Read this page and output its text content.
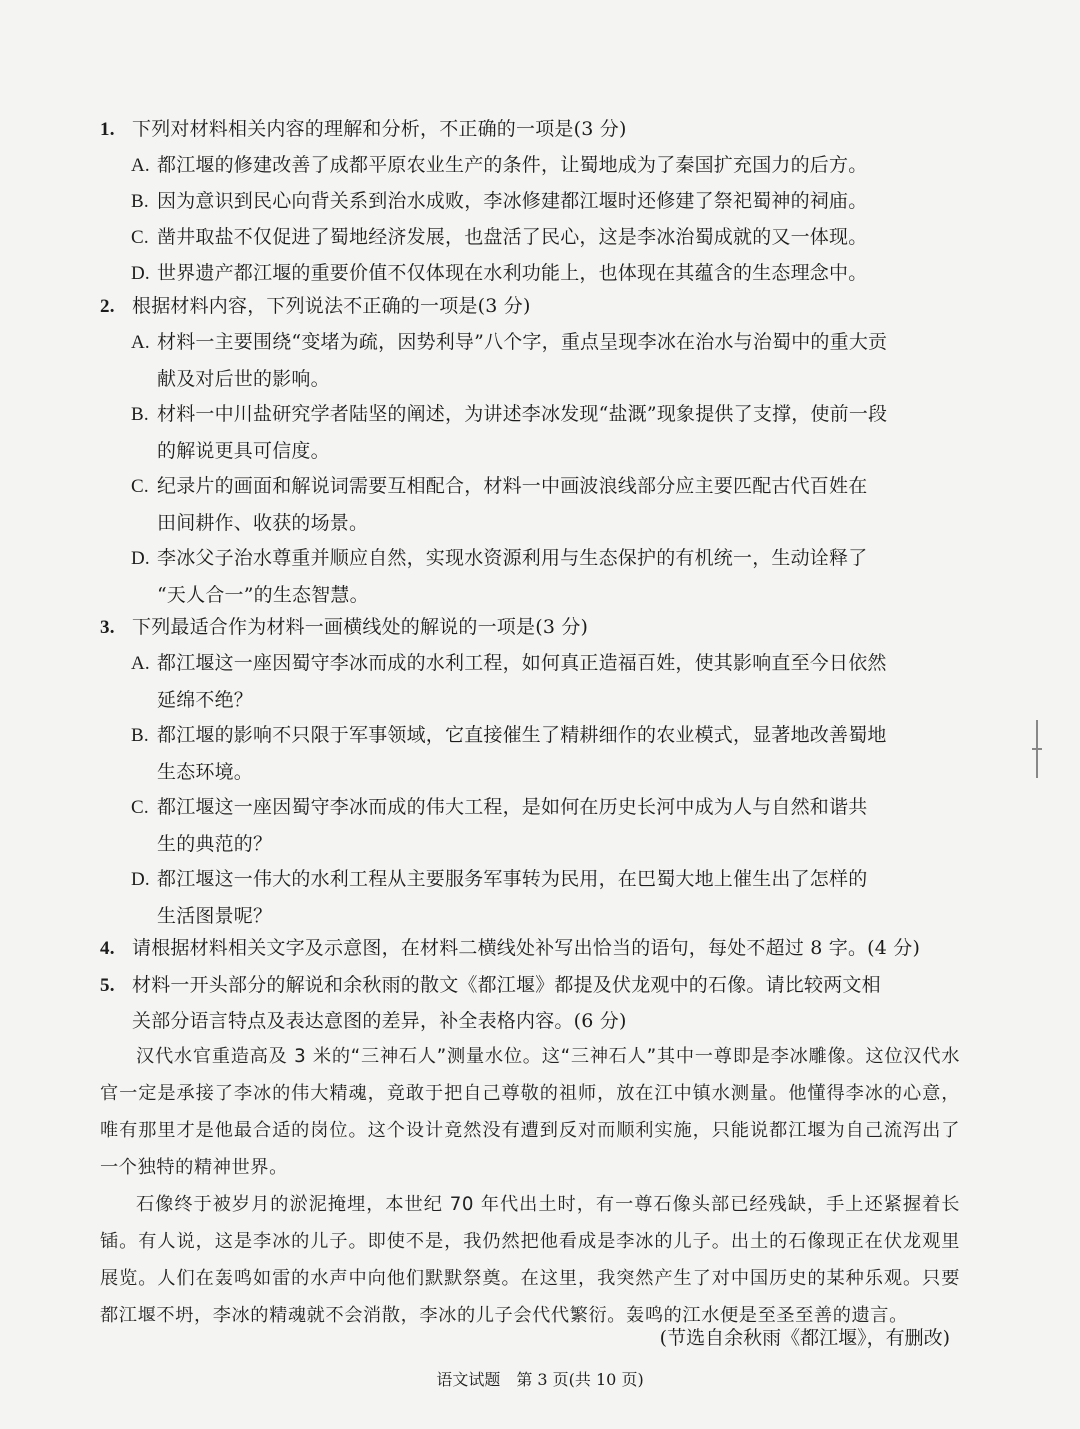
1. 下列对材料相关内容的理解和分析，不正确的一项是(3 分)
A. 都江堰的修建改善了成都平原农业生产的条件，让蜀地成为了秦国扩充国力的后方。
B. 因为意识到民心向背关系到治水成败，李冰修建都江堰时还修建了祭祀蜀神的祠庙。
C. 凿井取盐不仅促进了蜀地经济发展，也盘活了民心，这是李冰治蜀成就的又一体现。
D. 世界遗产都江堰的重要价值不仅体现在水利功能上，也体现在其蕴含的生态理念中。
2. 根据材料内容，下列说法不正确的一项是(3 分)
A. 材料一主要围绕“变堵为疏，因势利导”八个字，重点呈现李冰在治水与治蜀中的重大贡
献及对后世的影响。
B. 材料一中川盐研究学者陆坚的阐述，为讲述李冰发现“盐溉”现象提供了支撑，使前一段
的解说更具可信度。
C. 纪录片的画面和解说词需要互相配合，材料一中画波浪线部分应主要匹配古代百姓在
田间耕作、收获的场景。
D. 李冰父子治水尊重并顺应自然，实现水资源利用与生态保护的有机统一，生动诠释了
“天人合一”的生态智慧。
3. 下列最适合作为材料一画横线处的解说的一项是(3 分)
A. 都江堰这一座因蜀守李冰而成的水利工程，如何真正造福百姓，使其影响直至今日依然
延绵不绝？
B. 都江堰的影响不只限于军事领域，它直接催生了精耕细作的农业模式，显著地改善蜀地
生态环境。
C. 都江堰这一座因蜀守李冰而成的伟大工程，是如何在历史长河中成为人与自然和谐共
生的典范的？
D. 都江堰这一伟大的水利工程从主要服务军事转为民用，在巴蜀大地上催生出了怎样的
生活图景呢？
4. 请根据材料相关文字及示意图，在材料二横线处补写出恰当的语句，每处不超过 8 字。(4 分)
5. 材料一开头部分的解说和余秋雨的散文《都江堰》都提及伏龙观中的石像。请比较两文相
关部分语言特点及表达意图的差异，补全表格内容。(6 分)

汉代水官重造高及 3 米的“三神石人”测量水位。这“三神石人”其中一尊即是李冰雕像。这位汉代水官一定是承接了李冰的伟大精魂，竟敢于把自己尊敬的祖师，放在江中镇水测量。他懂得李冰的心意，唯有那里才是他最合适的岗位。这个设计竟然没有遭到反对而顺利实施，只能说都江堰为自己流泻出了一个独特的精神世界。

石像终于被岁月的淤泥掩埋，本世纪 70 年代出土时，有一尊石像头部已经残缺，手上还紧握着长锸。有人说，这是李冰的儿子。即使不是，我仍然把他看成是李冰的儿子。出土的石像现正在伏龙观里展览。人们在轰鸣如雷的水声中向他们默默祭奠。在这里，我突然产生了对中国历史的某种乐观。只要都江堰不坍，李冰的精魂就不会消散，李冰的儿子会代代繁衍。轰鸣的江水便是至圣至善的遗言。

(节选自余秋雨《都江堰》，有删改)
语文试题　第 3 页(共 10 页)
